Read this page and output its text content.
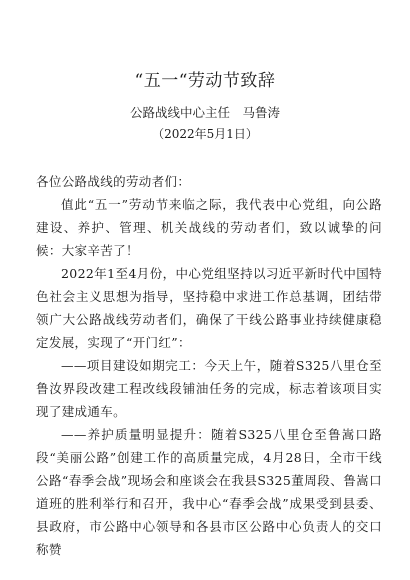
“五一“劳动节致辞
公路战线中心主任　马鲁涛
（2022年5月1日）

各位公路战线的劳动者们：

值此“五一”劳动节来临之际，我代表中心党组，向公路建设、养护、管理、机关战线的劳动者们，致以诚挚的问候：大家辛苦了！

2022年1至4月份，中心党组坚持以习近平新时代中国特色社会主义思想为指导，坚持稳中求进工作总基调，团结带领广大公路战线劳动者们，确保了干线公路事业持续健康稳定发展，实现了“开门红”：

——项目建设如期完工：今天上午，随着S325八里仓至鲁汝界段改建工程改线段铺油任务的完成，标志着该项目实现了建成通车。

——养护质量明显提升：随着S325八里仓至鲁嵩口路段“美丽公路”创建工作的高质量完成，4月28日，全市干线公路“春季会战”现场会和座谈会在我县S325董周段、鲁嵩口道班的胜利举行和召开，我中心“春季会战”成果受到县委、县政府，市公路中心领导和各县市区公路中心负责人的交口称赞
